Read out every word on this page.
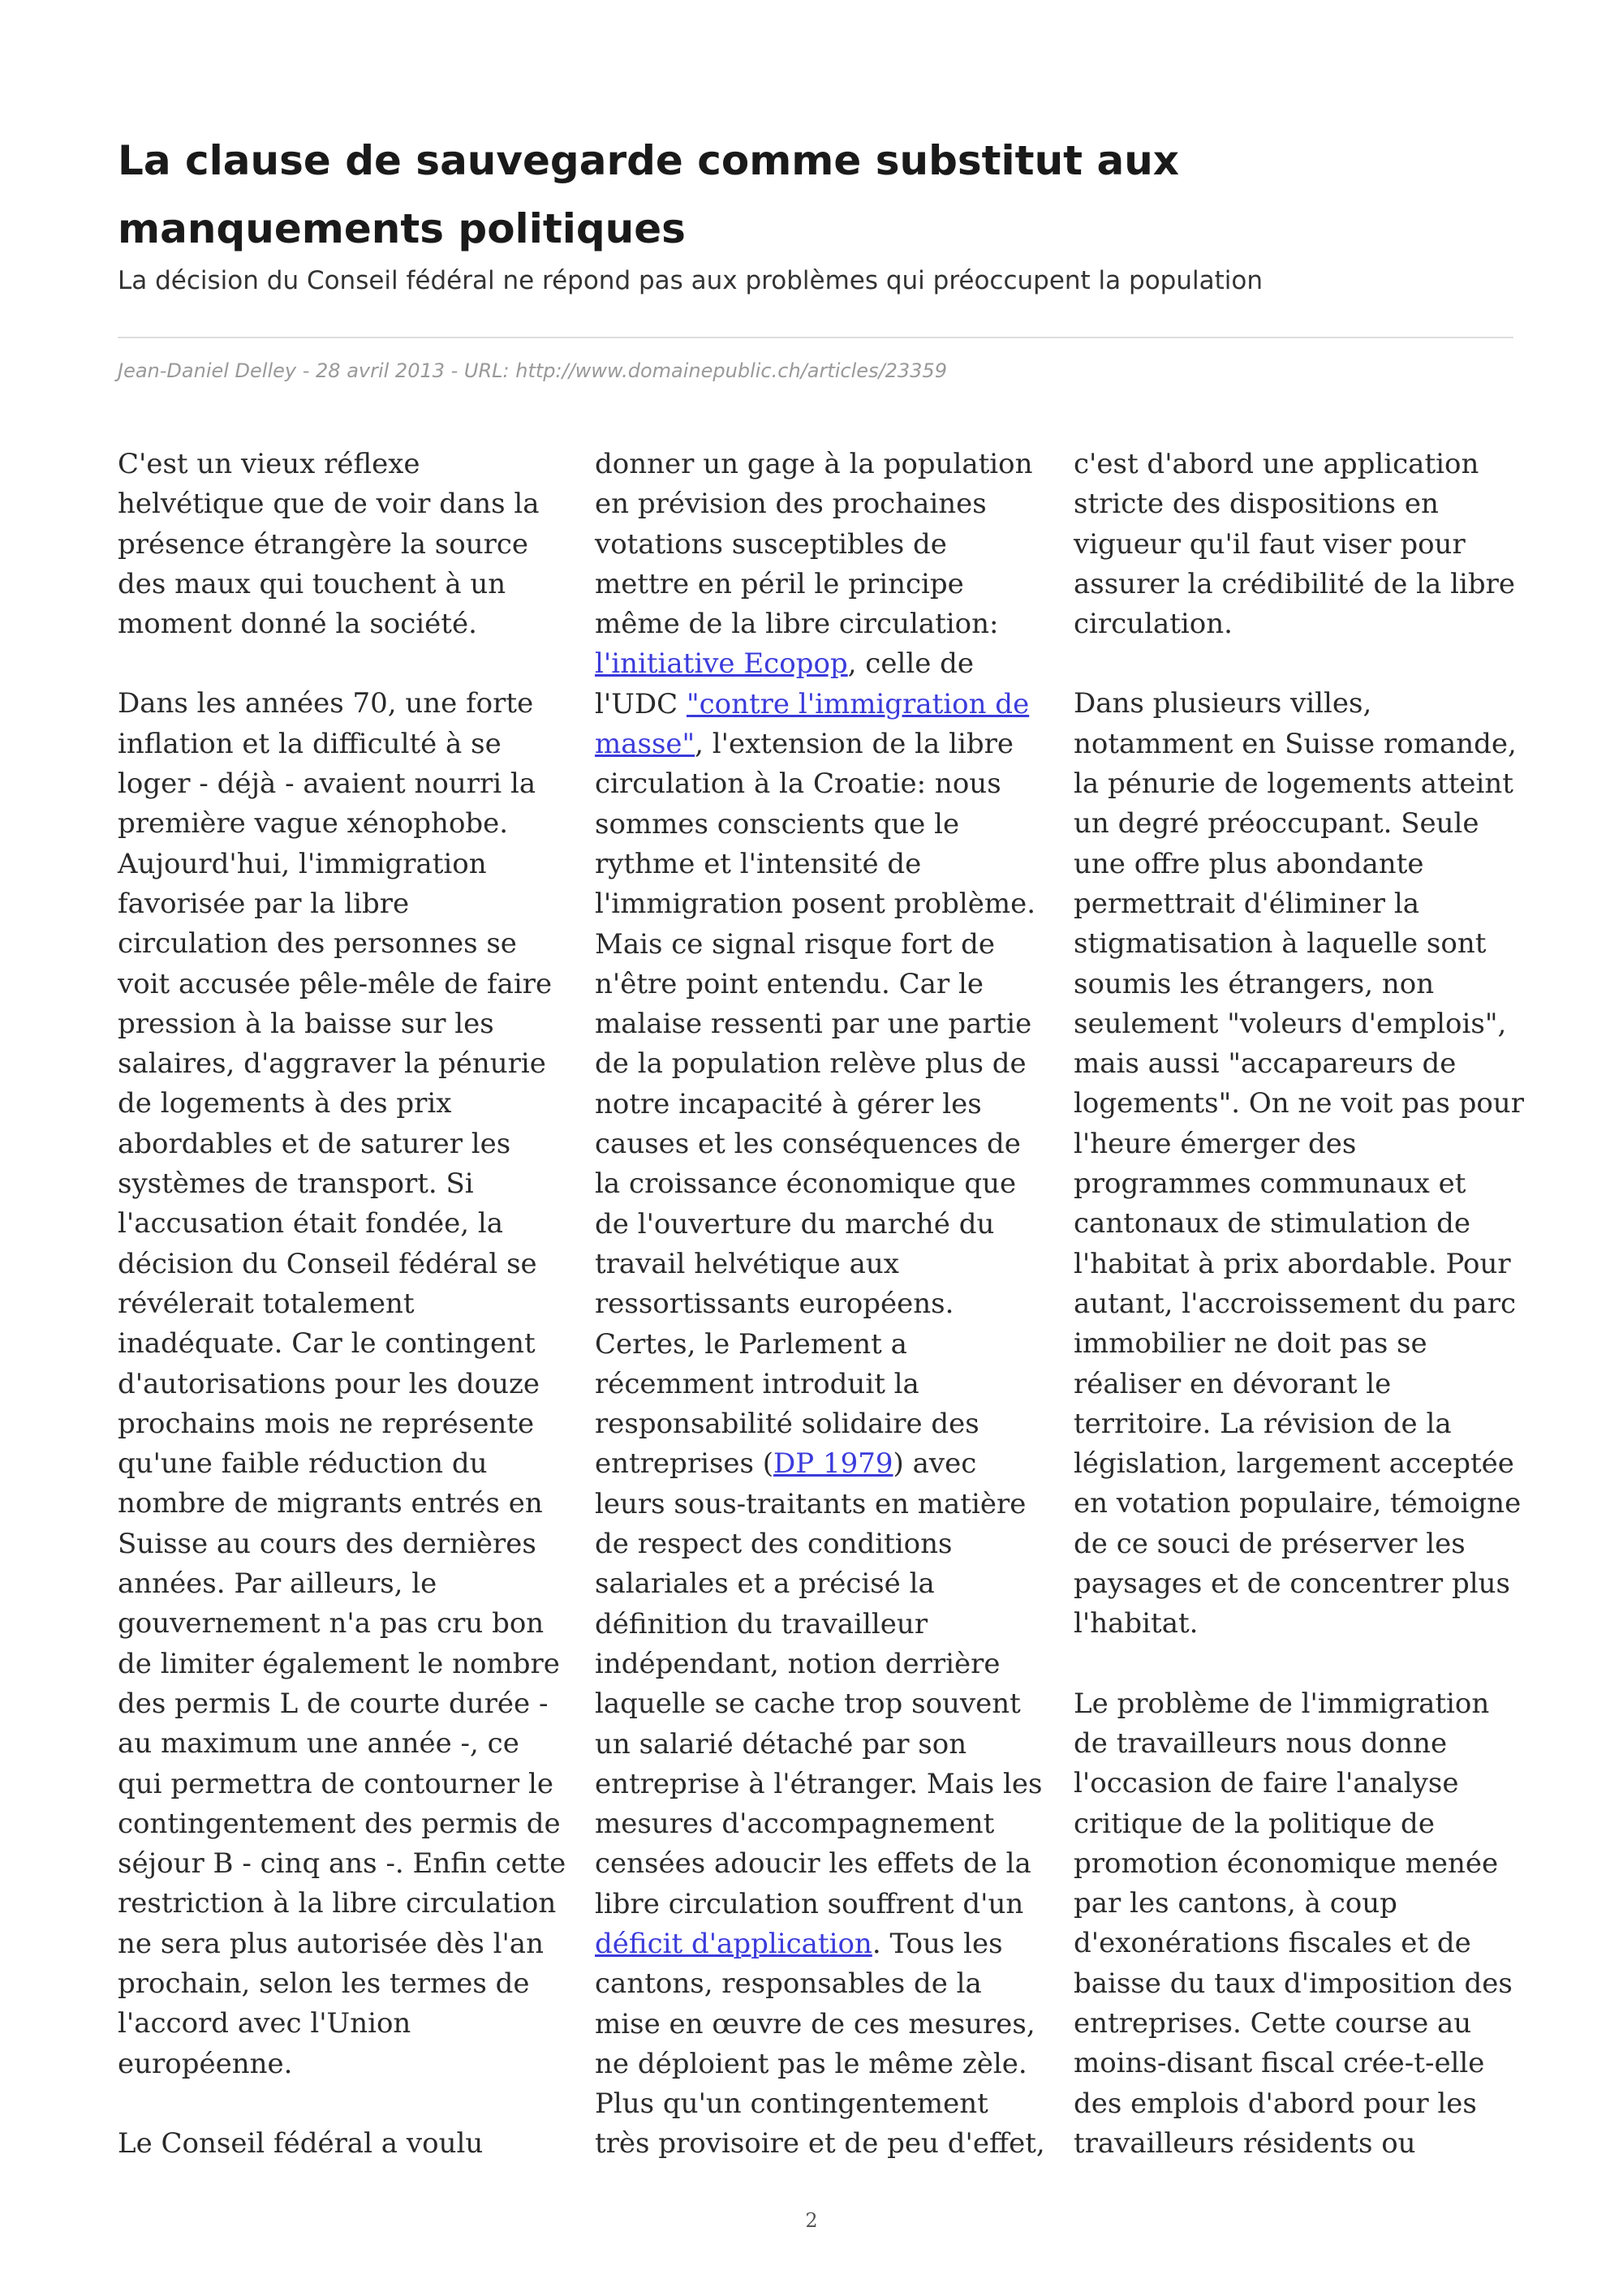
La clause de sauvegarde comme substitut aux manquements politiques

La décision du Conseil fédéral ne répond pas aux problèmes qui préoccupent la population

Jean-Daniel Delley - 28 avril 2013 - URL: http://www.domainepublic.ch/articles/23359

C'est un vieux réflexe helvétique que de voir dans la présence étrangère la source des maux qui touchent à un moment donné la société.

Dans les années 70, une forte inflation et la difficulté à se loger - déjà - avaient nourri la première vague xénophobe. Aujourd'hui, l'immigration favorisée par la libre circulation des personnes se voit accusée pêle-mêle de faire pression à la baisse sur les salaires, d'aggraver la pénurie de logements à des prix abordables et de saturer les systèmes de transport. Si l'accusation était fondée, la décision du Conseil fédéral se révélerait totalement inadéquate. Car le contingent d'autorisations pour les douze prochains mois ne représente qu'une faible réduction du nombre de migrants entrés en Suisse au cours des dernières années. Par ailleurs, le gouvernement n'a pas cru bon de limiter également le nombre des permis L de courte durée - au maximum une année -, ce qui permettra de contourner le contingentement des permis de séjour B - cinq ans -. Enfin cette restriction à la libre circulation ne sera plus autorisée dès l'an prochain, selon les termes de l'accord avec l'Union européenne.

Le Conseil fédéral a voulu

donner un gage à la population en prévision des prochaines votations susceptibles de mettre en péril le principe même de la libre circulation: l'initiative Ecopop, celle de l'UDC "contre l'immigration de masse", l'extension de la libre circulation à la Croatie: nous sommes conscients que le rythme et l'intensité de l'immigration posent problème. Mais ce signal risque fort de n'être point entendu. Car le malaise ressenti par une partie de la population relève plus de notre incapacité à gérer les causes et les conséquences de la croissance économique que de l'ouverture du marché du travail helvétique aux ressortissants européens. Certes, le Parlement a récemment introduit la responsabilité solidaire des entreprises (DP 1979) avec leurs sous-traitants en matière de respect des conditions salariales et a précisé la définition du travailleur indépendant, notion derrière laquelle se cache trop souvent un salarié détaché par son entreprise à l'étranger. Mais les mesures d'accompagnement censées adoucir les effets de la libre circulation souffrent d'un déficit d'application. Tous les cantons, responsables de la mise en œuvre de ces mesures, ne déploient pas le même zèle. Plus qu'un contingentement très provisoire et de peu d'effet,

c'est d'abord une application stricte des dispositions en vigueur qu'il faut viser pour assurer la crédibilité de la libre circulation.

Dans plusieurs villes, notamment en Suisse romande, la pénurie de logements atteint un degré préoccupant. Seule une offre plus abondante permettrait d'éliminer la stigmatisation à laquelle sont soumis les étrangers, non seulement "voleurs d'emplois", mais aussi "accapareurs de logements". On ne voit pas pour l'heure émerger des programmes communaux et cantonaux de stimulation de l'habitat à prix abordable. Pour autant, l'accroissement du parc immobilier ne doit pas se réaliser en dévorant le territoire. La révision de la législation, largement acceptée en votation populaire, témoigne de ce souci de préserver les paysages et de concentrer plus l'habitat.

Le problème de l'immigration de travailleurs nous donne l'occasion de faire l'analyse critique de la politique de promotion économique menée par les cantons, à coup d'exonérations fiscales et de baisse du taux d'imposition des entreprises. Cette course au moins-disant fiscal crée-t-elle des emplois d'abord pour les travailleurs résidents ou

2
